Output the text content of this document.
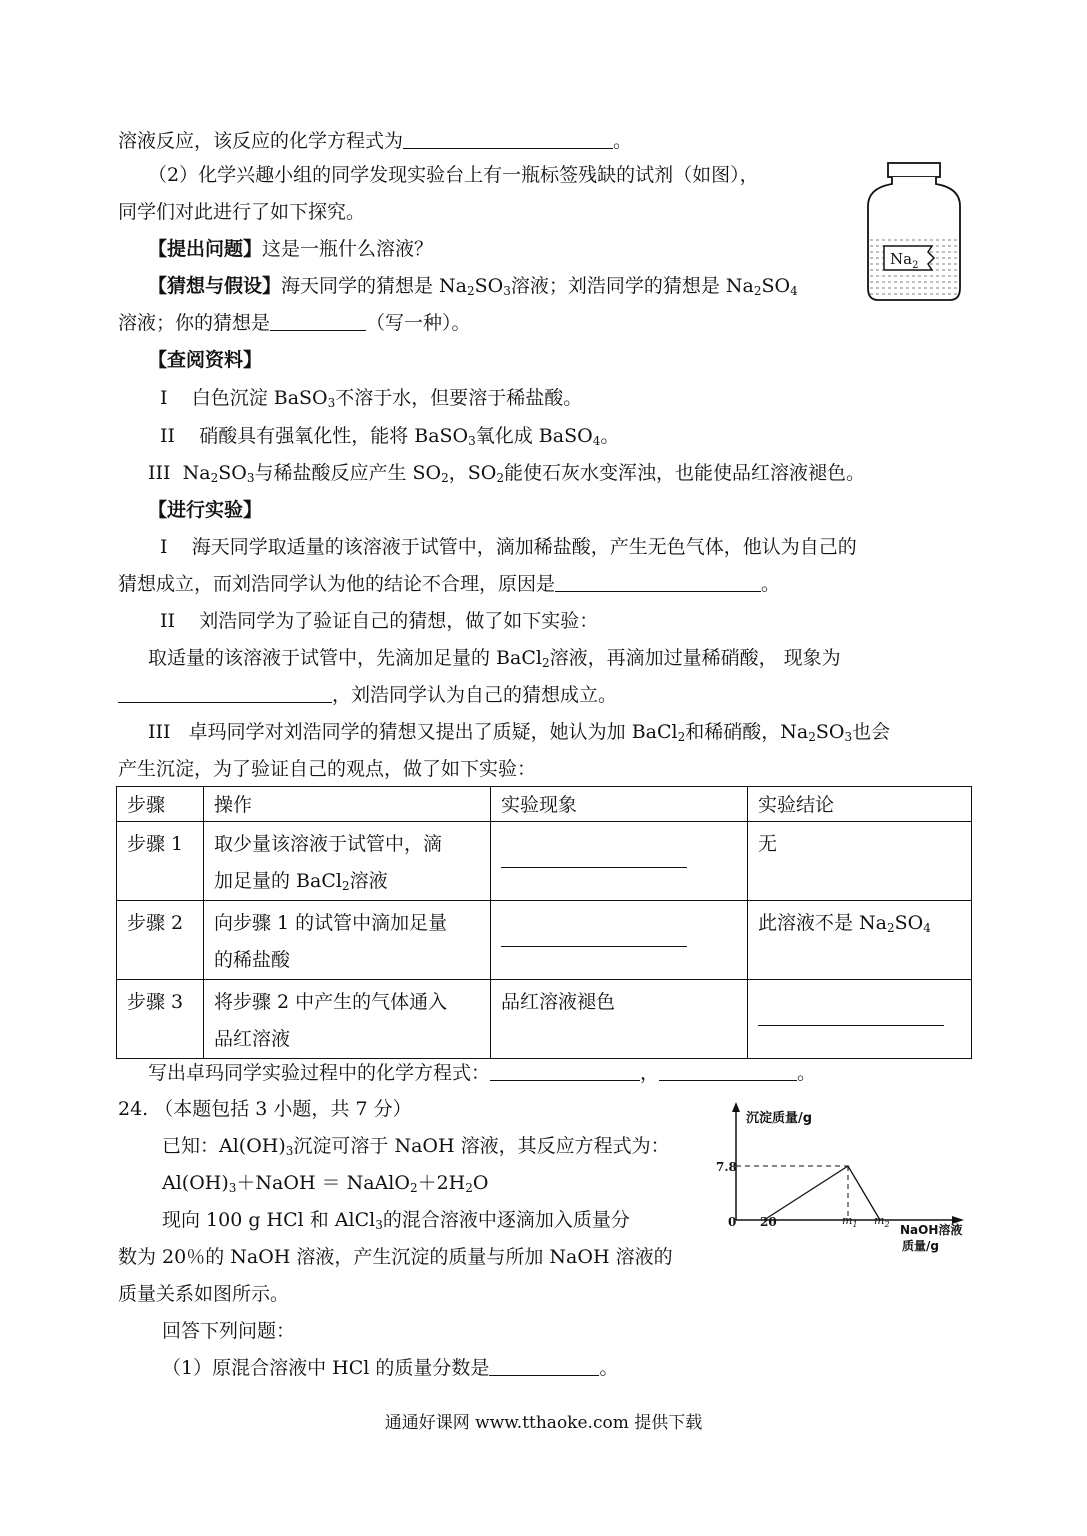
溶液反应，该反应的化学方程式为	。
（2）化学兴趣小组的同学发现实验台上有一瓶标签残缺的试剂（如图），
同学们对此进行了如下探究。
【提出问题】这是一瓶什么溶液？
【猜想与假设】海天同学的猜想是 $Na_2SO_3$溶液；刘浩同学的猜想是 $Na_2SO_4$
溶液；你的猜想是	（写一种）。
【查阅资料】
I 白色沉淀 BaSO$_3$不溶于水，但要溶于稀盐酸。
II 硝酸具有强氧化性，能将 BaSO$_3$氧化成 BaSO$_4$。
III $Na_2SO_3$与稀盐酸反应产生 $SO_2$，$SO_2$能使石灰水变浑浊，也能使品红溶液褪色。
【进行实验】
I 海天同学取适量的该溶液于试管中，滴加稀盐酸，产生无色气体，他认为自己的
猜想成立，而刘浩同学认为他的结论不合理，原因是	。
II 刘浩同学为了验证自己的猜想，做了如下实验：
取适量的该溶液于试管中，先滴加足量的 BaCl$_2$溶液，再滴加过量稀硝酸， 现象为
，刘浩同学认为自己的猜想成立。
III 卓玛同学对刘浩同学的猜想又提出了质疑，她认为加 BaCl$_2$和稀硝酸，$Na_2SO_3$也会
产生沉淀，为了验证自己的观点，做了如下实验：
步骤	操作	实验现象	实验结论
步骤 1	取少量该溶液于试管中，滴
加足量的 BaCl$_2$溶液		无
步骤 2	向步骤 1 的试管中滴加足量
的稀盐酸		此溶液不是 $Na_2SO_4$
步骤 3	将步骤 2 中产生的气体通入
品红溶液	品红溶液褪色	
写出卓玛同学实验过程中的化学方程式：	，	。
24. （本题包括 3 小题，共 7 分）
已知：$Al(OH)_3$沉淀可溶于 NaOH 溶液，其反应方程式为：
$Al(OH)_3+NaOH$ ＝ $NaAlO_2+2H_2O$
现向 100 g HCl 和 AlCl$_3$的混合溶液中逐滴加入质量分
数为 20％的 NaOH 溶液，产生沉淀的质量与所加 NaOH 溶液的
质量关系如图所示。
回答下列问题：
（1）原混合溶液中 HCl 的质量分数是	。
$Na_2$
沉淀质量/g
NaOH溶液
质量/g
7.8
0 20	$m_1$ $m_2$
通通好课网 www.tthaoke.com 提供下载
